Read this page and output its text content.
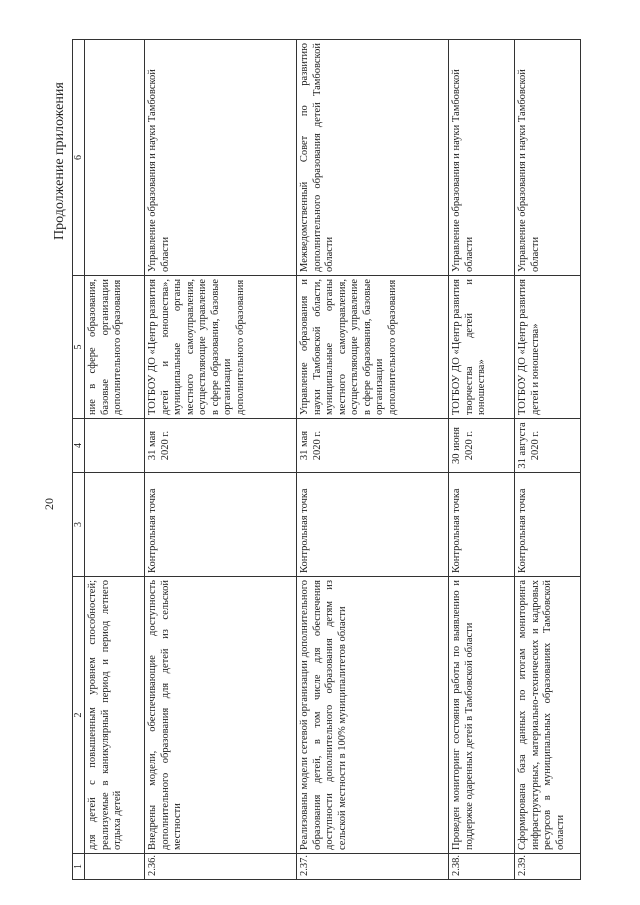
20
Продолжение приложения
1	2	3	4	5	6
	для детей с повышенным уровнем способностей; реализуемые в каникулярный период и период летнего отдыха детей			ние в сфере образования, базовые организации дополнительного образования	
2.36.	Внедрены модели, обеспечивающие доступность дополнительного образования для детей из сельской местности	Контрольная точка	31 мая 2020 г.	ТОГБОУ ДО «Центр развития детей и юношества», муниципальные органы местного самоуправления, осуществляющие управление в сфере образования, базовые организации дополнительного образования	Управление образования и науки Тамбовской области
2.37.	Реализованы модели сетевой организации дополнительного образования детей, в том числе для обеспечения доступности дополнительного образования детям из сельской местности в 100% муниципалитетов области	Контрольная точка	31 мая 2020 г.	Управление образования и науки Тамбовской области, муниципальные органы местного самоуправления, осуществляющие управление в сфере образования, базовые организации дополнительного образования	Межведомственный Совет по развитию дополнительного образования детей Тамбовской области
2.38.	Проведен мониторинг состояния работы по выявлению и поддержке одаренных детей в Тамбовской области	Контрольная точка	30 июня 2020 г.	ТОГБОУ ДО «Центр развития творчества детей и юношества»	Управление образования и науки Тамбовской области
2.39.	Сформирована база данных по итогам мониторинга инфраструктурных, материально-технических и кадровых ресурсов в муниципальных образованиях Тамбовской области	Контрольная точка	31 августа 2020 г.	ТОГБОУ ДО «Центр развития детей и юношества»	Управление образования и науки Тамбовской области
